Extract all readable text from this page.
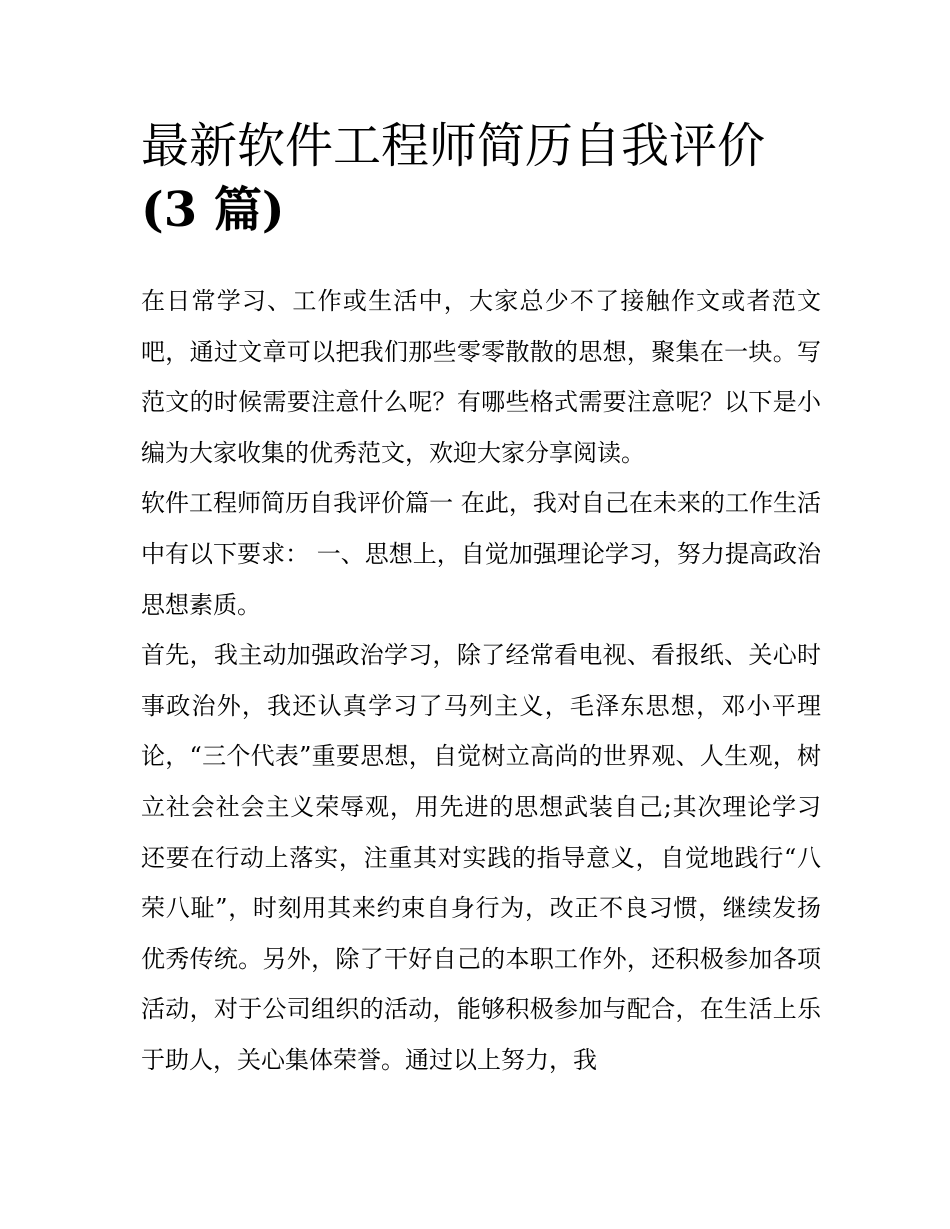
最新软件工程师简历自我评价

(3 篇)

在日常学习、工作或生活中，大家总少不了接触作文或者范文吧，通过文章可以把我们那些零零散散的思想，聚集在一块。写范文的时候需要注意什么呢？有哪些格式需要注意呢？以下是小编为大家收集的优秀范文，欢迎大家分享阅读。

软件工程师简历自我评价篇一 在此，我对自己在未来的工作生活中有以下要求： 一、思想上，自觉加强理论学习，努力提高政治思想素质。

首先，我主动加强政治学习，除了经常看电视、看报纸、关心时事政治外，我还认真学习了马列主义，毛泽东思想，邓小平理论，“三个代表”重要思想，自觉树立高尚的世界观、人生观，树立社会社会主义荣辱观，用先进的思想武装自己;其次理论学习还要在行动上落实，注重其对实践的指导意义，自觉地践行“八荣八耻”，时刻用其来约束自身行为，改正不良习惯，继续发扬优秀传统。另外，除了干好自己的本职工作外，还积极参加各项活动，对于公司组织的活动，能够积极参加与配合，在生活上乐于助人，关心集体荣誉。通过以上努力，我
